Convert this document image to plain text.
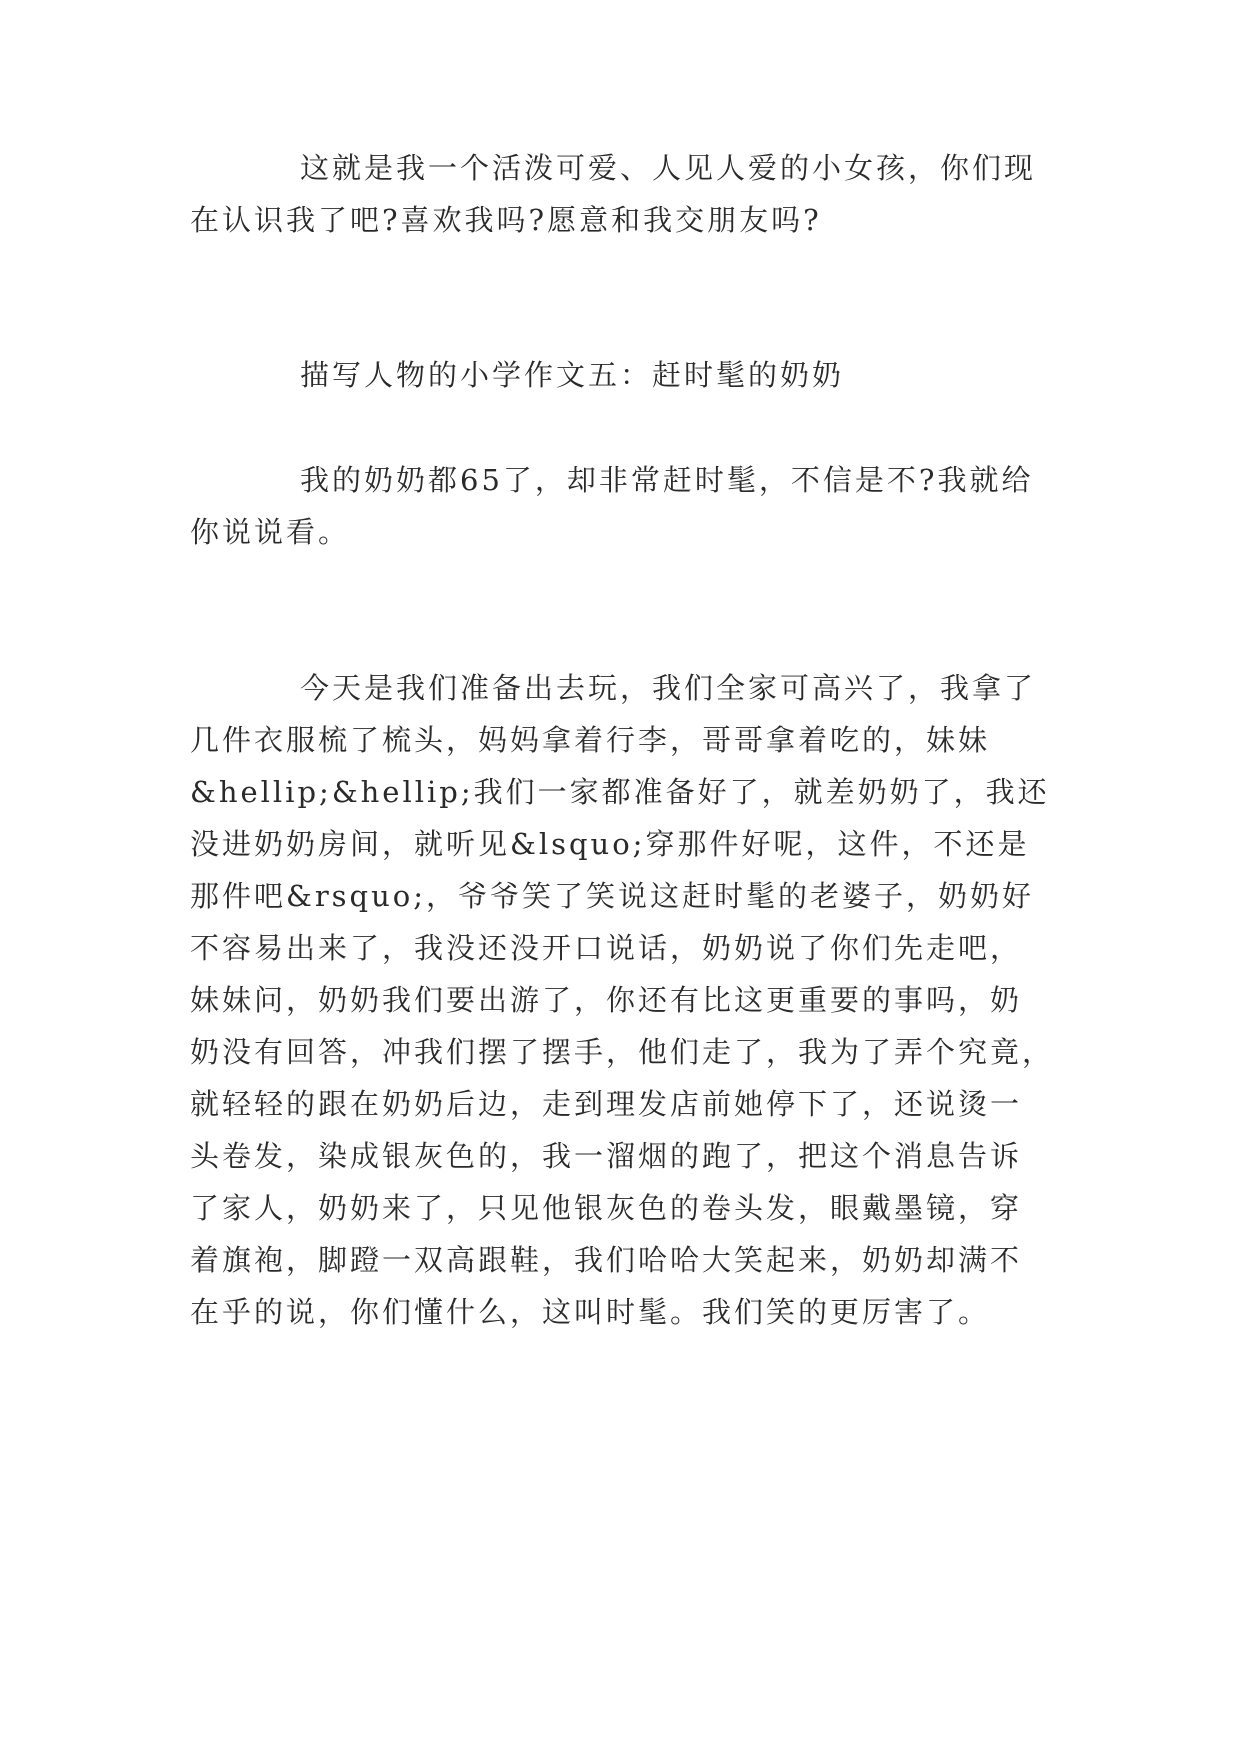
这就是我一个活泼可爱、人见人爱的小女孩，你们现
在认识我了吧?喜欢我吗?愿意和我交朋友吗?
描写人物的小学作文五：赶时髦的奶奶
我的奶奶都65了，却非常赶时髦，不信是不?我就给
你说说看。
今天是我们准备出去玩，我们全家可高兴了，我拿了
几件衣服梳了梳头，妈妈拿着行李，哥哥拿着吃的，妹妹
&hellip;&hellip;我们一家都准备好了，就差奶奶了，我还
没进奶奶房间，就听见&lsquo;穿那件好呢，这件，不还是
那件吧&rsquo;，爷爷笑了笑说这赶时髦的老婆子，奶奶好
不容易出来了，我没还没开口说话，奶奶说了你们先走吧，
妹妹问，奶奶我们要出游了，你还有比这更重要的事吗，奶
奶没有回答，冲我们摆了摆手，他们走了，我为了弄个究竟，
就轻轻的跟在奶奶后边，走到理发店前她停下了，还说烫一
头卷发，染成银灰色的，我一溜烟的跑了，把这个消息告诉
了家人，奶奶来了，只见他银灰色的卷头发，眼戴墨镜，穿
着旗袍，脚蹬一双高跟鞋，我们哈哈大笑起来，奶奶却满不
在乎的说，你们懂什么，这叫时髦。我们笑的更厉害了。
